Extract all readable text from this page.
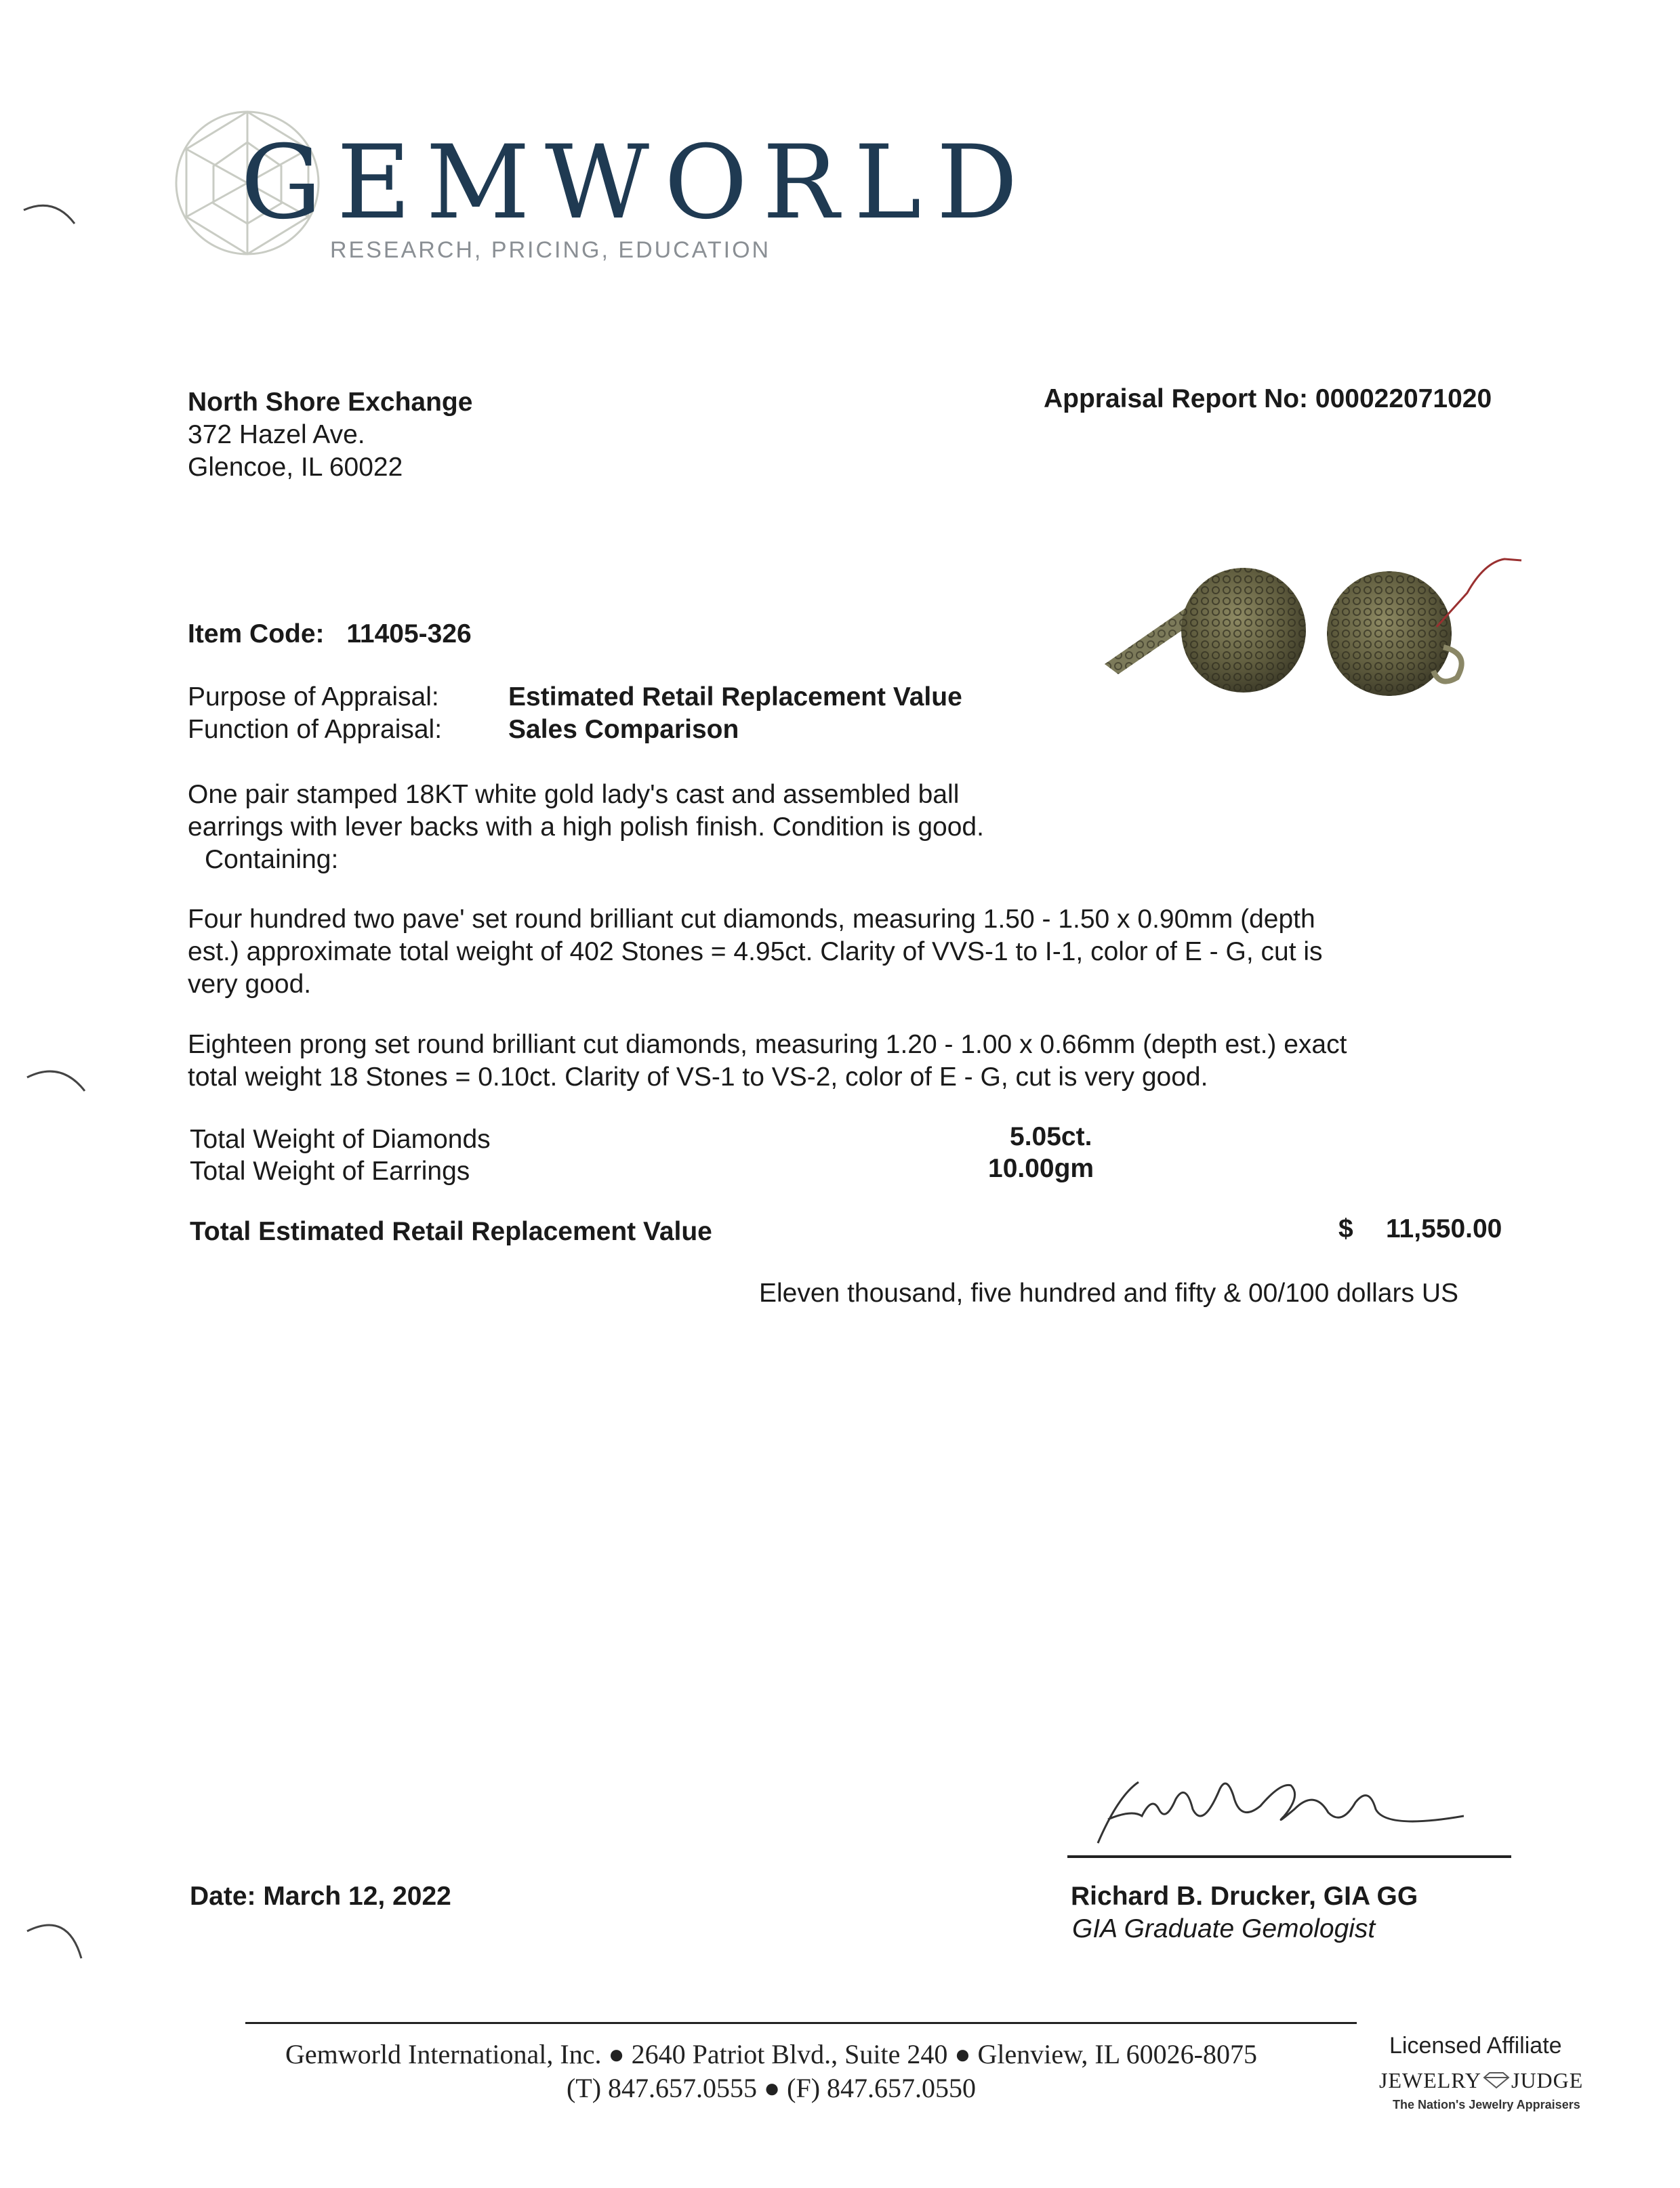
GEMWORLD
RESEARCH, PRICING, EDUCATION
North Shore Exchange
372 Hazel Ave.
Glencoe, IL 60022
Appraisal Report No: 000022071020
Item Code: 11405-326
Purpose of Appraisal:	Estimated Retail Replacement Value
Function of Appraisal:	Sales Comparison
One pair stamped 18KT white gold lady's cast and assembled ball
earrings with lever backs with a high polish finish. Condition is good.
Containing:
Four hundred two pave' set round brilliant cut diamonds, measuring 1.50 - 1.50 x 0.90mm (depth
est.) approximate total weight of 402 Stones = 4.95ct. Clarity of VVS-1 to I-1, color of E - G, cut is
very good.
Eighteen prong set round brilliant cut diamonds, measuring 1.20 - 1.00 x 0.66mm (depth est.) exact
total weight 18 Stones = 0.10ct. Clarity of VS-1 to VS-2, color of E - G, cut is very good.
Total Weight of Diamonds	5.05ct.
Total Weight of Earrings	10.00gm
Total Estimated Retail Replacement Value	$ 11,550.00
Eleven thousand, five hundred and fifty & 00/100 dollars US
Date: March 12, 2022	Richard B. Drucker, GIA GG
GIA Graduate Gemologist
Gemworld International, Inc. ● 2640 Patriot Blvd., Suite 240 ● Glenview, IL 60026-8075
(T) 847.657.0555 ● (F) 847.657.0550
Licensed Affiliate
JEWELRY JUDGE
The Nation's Jewelry Appraisers
